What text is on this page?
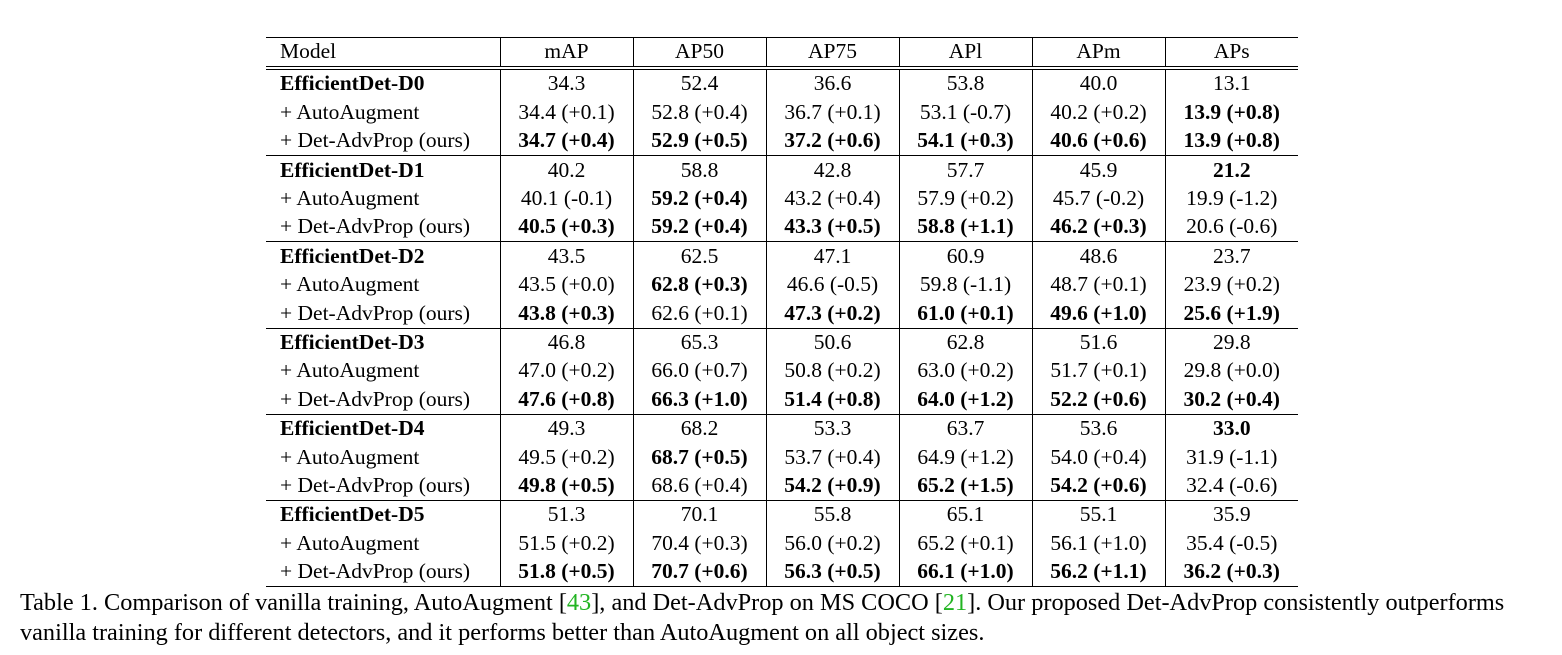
Model	mAP	AP50	AP75	APl	APm	APs
EfficientDet-D0	34.3	52.4	36.6	53.8	40.0	13.1
+ AutoAugment	34.4 (+0.1)	52.8 (+0.4)	36.7 (+0.1)	53.1 (-0.7)	40.2 (+0.2)	13.9 (+0.8)
+ Det-AdvProp (ours)	34.7 (+0.4)	52.9 (+0.5)	37.2 (+0.6)	54.1 (+0.3)	40.6 (+0.6)	13.9 (+0.8)
EfficientDet-D1	40.2	58.8	42.8	57.7	45.9	21.2
+ AutoAugment	40.1 (-0.1)	59.2 (+0.4)	43.2 (+0.4)	57.9 (+0.2)	45.7 (-0.2)	19.9 (-1.2)
+ Det-AdvProp (ours)	40.5 (+0.3)	59.2 (+0.4)	43.3 (+0.5)	58.8 (+1.1)	46.2 (+0.3)	20.6 (-0.6)
EfficientDet-D2	43.5	62.5	47.1	60.9	48.6	23.7
+ AutoAugment	43.5 (+0.0)	62.8 (+0.3)	46.6 (-0.5)	59.8 (-1.1)	48.7 (+0.1)	23.9 (+0.2)
+ Det-AdvProp (ours)	43.8 (+0.3)	62.6 (+0.1)	47.3 (+0.2)	61.0 (+0.1)	49.6 (+1.0)	25.6 (+1.9)
EfficientDet-D3	46.8	65.3	50.6	62.8	51.6	29.8
+ AutoAugment	47.0 (+0.2)	66.0 (+0.7)	50.8 (+0.2)	63.0 (+0.2)	51.7 (+0.1)	29.8 (+0.0)
+ Det-AdvProp (ours)	47.6 (+0.8)	66.3 (+1.0)	51.4 (+0.8)	64.0 (+1.2)	52.2 (+0.6)	30.2 (+0.4)
EfficientDet-D4	49.3	68.2	53.3	63.7	53.6	33.0
+ AutoAugment	49.5 (+0.2)	68.7 (+0.5)	53.7 (+0.4)	64.9 (+1.2)	54.0 (+0.4)	31.9 (-1.1)
+ Det-AdvProp (ours)	49.8 (+0.5)	68.6 (+0.4)	54.2 (+0.9)	65.2 (+1.5)	54.2 (+0.6)	32.4 (-0.6)
EfficientDet-D5	51.3	70.1	55.8	65.1	55.1	35.9
+ AutoAugment	51.5 (+0.2)	70.4 (+0.3)	56.0 (+0.2)	65.2 (+0.1)	56.1 (+1.0)	35.4 (-0.5)
+ Det-AdvProp (ours)	51.8 (+0.5)	70.7 (+0.6)	56.3 (+0.5)	66.1 (+1.0)	56.2 (+1.1)	36.2 (+0.3)

Table 1. Comparison of vanilla training, AutoAugment [43], and Det-AdvProp on MS COCO [21]. Our proposed Det-AdvProp consistently outperforms vanilla training for different detectors, and it performs better than AutoAugment on all object sizes.
